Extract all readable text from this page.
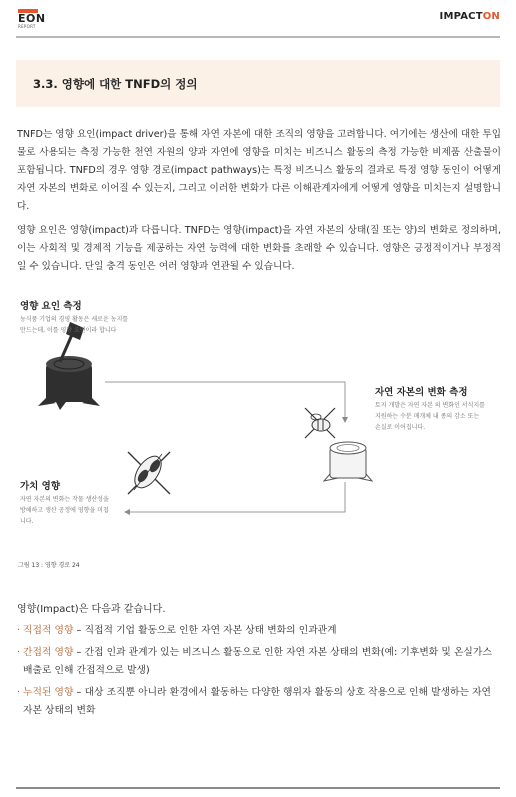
EON
REPORT
IMPACTON
3.3. 영향에 대한 TNFD의 정의
TNFD는 영향 요인(impact driver)을 통해 자연 자본에 대한 조직의 영향을 고려합니다. 여기에는 생산에 대한 투입물로 사용되는 측정 가능한 천연 자원의 양과 자연에 영향을 미치는 비즈니스 활동의 측정 가능한 비제품 산출물이 포함됩니다. TNFD의 경우 영향 경로(impact pathways)는 특정 비즈니스 활동의 결과로 특정 영향 동인이 어떻게 자연 자본의 변화로 이어질 수 있는지, 그리고 이러한 변화가 다른 이해관계자에게 어떻게 영향을 미치는지 설명합니다.
영향 요인은 영향(impact)과 다릅니다. TNFD는 영향(impact)을 자연 자본의 상태(질 또는 양)의 변화로 정의하며, 이는 사회적 및 경제적 기능을 제공하는 자연 능력에 대한 변화를 초래할 수 있습니다. 영향은 긍정적이거나 부정적일 수 있습니다. 단일 충격 동인은 여러 영향과 연관될 수 있습니다.
영향 요인 측정
농식품 기업의 경영 활동은 새로운 농지를
만드는데, 이를 영향 요인이라 합니다
자연 자본의 변화 측정
토지 개발은 자연 자본 의 변화인 서식지를
지원하는 수분 매개체 내 종의 감소 또는
손실로 이어집니다.
가치 영향
자연 자본의 변화는 작물 생산성을
방해하고 생산 공정에 영향을 미칩
니다.
그림 13 : 영향 경로 24
영향(Impact)은 다음과 같습니다.
· 직접적 영향 – 직접적 기업 활동으로 인한 자연 자본 상태 변화의 인과관계
· 간접적 영향 – 간접 인과 관계가 있는 비즈니스 활동으로 인한 자연 자본 상태의 변화(예: 기후변화 및 온실가스 배출로 인해 간접적으로 발생)
· 누적된 영향 – 대상 조직뿐 아니라 환경에서 활동하는 다양한 행위자 활동의 상호 작용으로 인해 발생하는 자연 자본 상태의 변화
